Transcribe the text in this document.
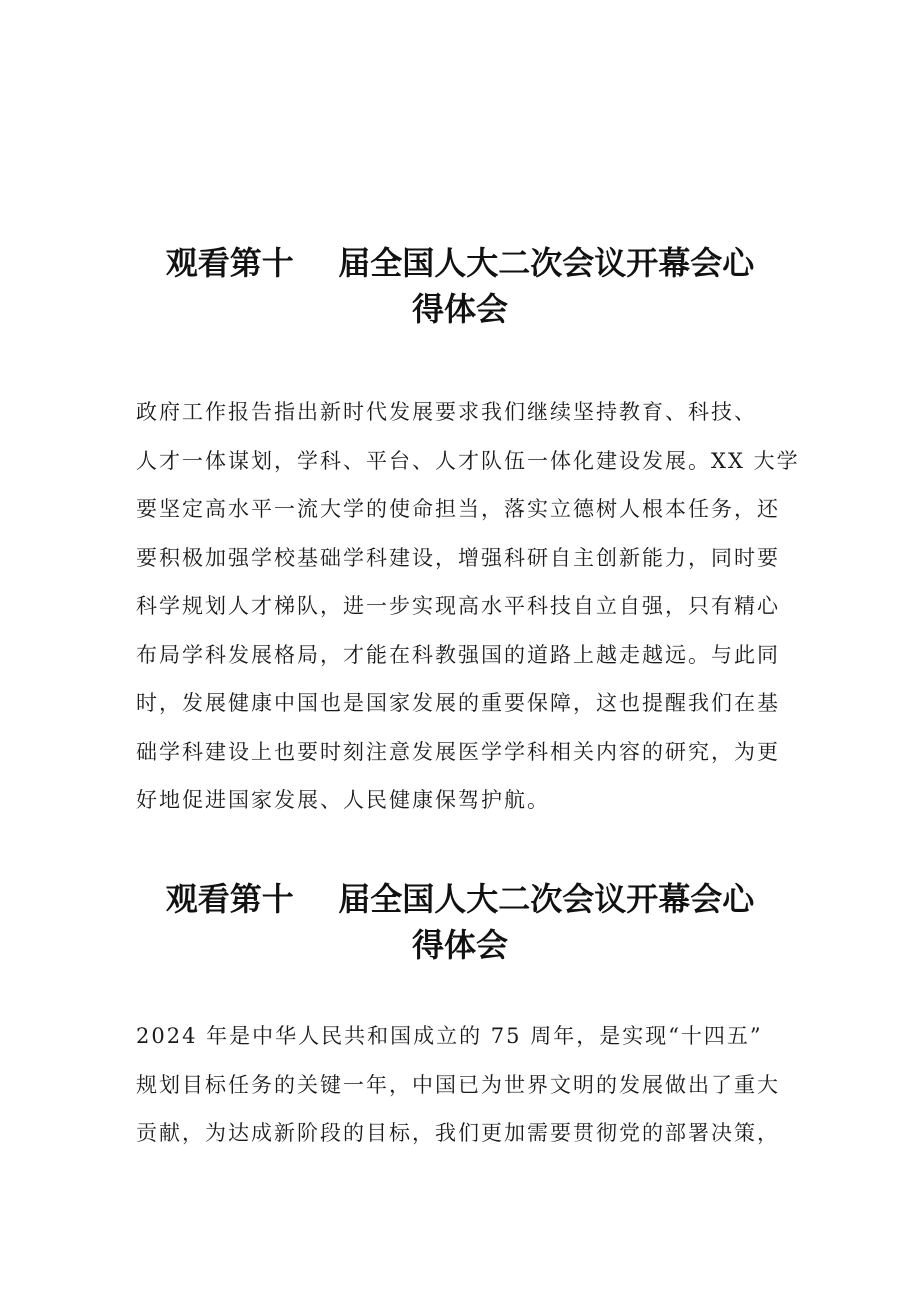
观看第十    届全国人大二次会议开幕会心
得体会
政府工作报告指出新时代发展要求我们继续坚持教育、科技、
人才一体谋划，学科、平台、人才队伍一体化建设发展。XX 大学
要坚定高水平一流大学的使命担当，落实立德树人根本任务，还
要积极加强学校基础学科建设，增强科研自主创新能力，同时要
科学规划人才梯队，进一步实现高水平科技自立自强，只有精心
布局学科发展格局，才能在科教强国的道路上越走越远。与此同
时，发展健康中国也是国家发展的重要保障，这也提醒我们在基
础学科建设上也要时刻注意发展医学学科相关内容的研究，为更
好地促进国家发展、人民健康保驾护航。
观看第十    届全国人大二次会议开幕会心
得体会
2024 年是中华人民共和国成立的 75 周年，是实现“十四五”
规划目标任务的关键一年，中国已为世界文明的发展做出了重大
贡献，为达成新阶段的目标，我们更加需要贯彻党的部署决策，
